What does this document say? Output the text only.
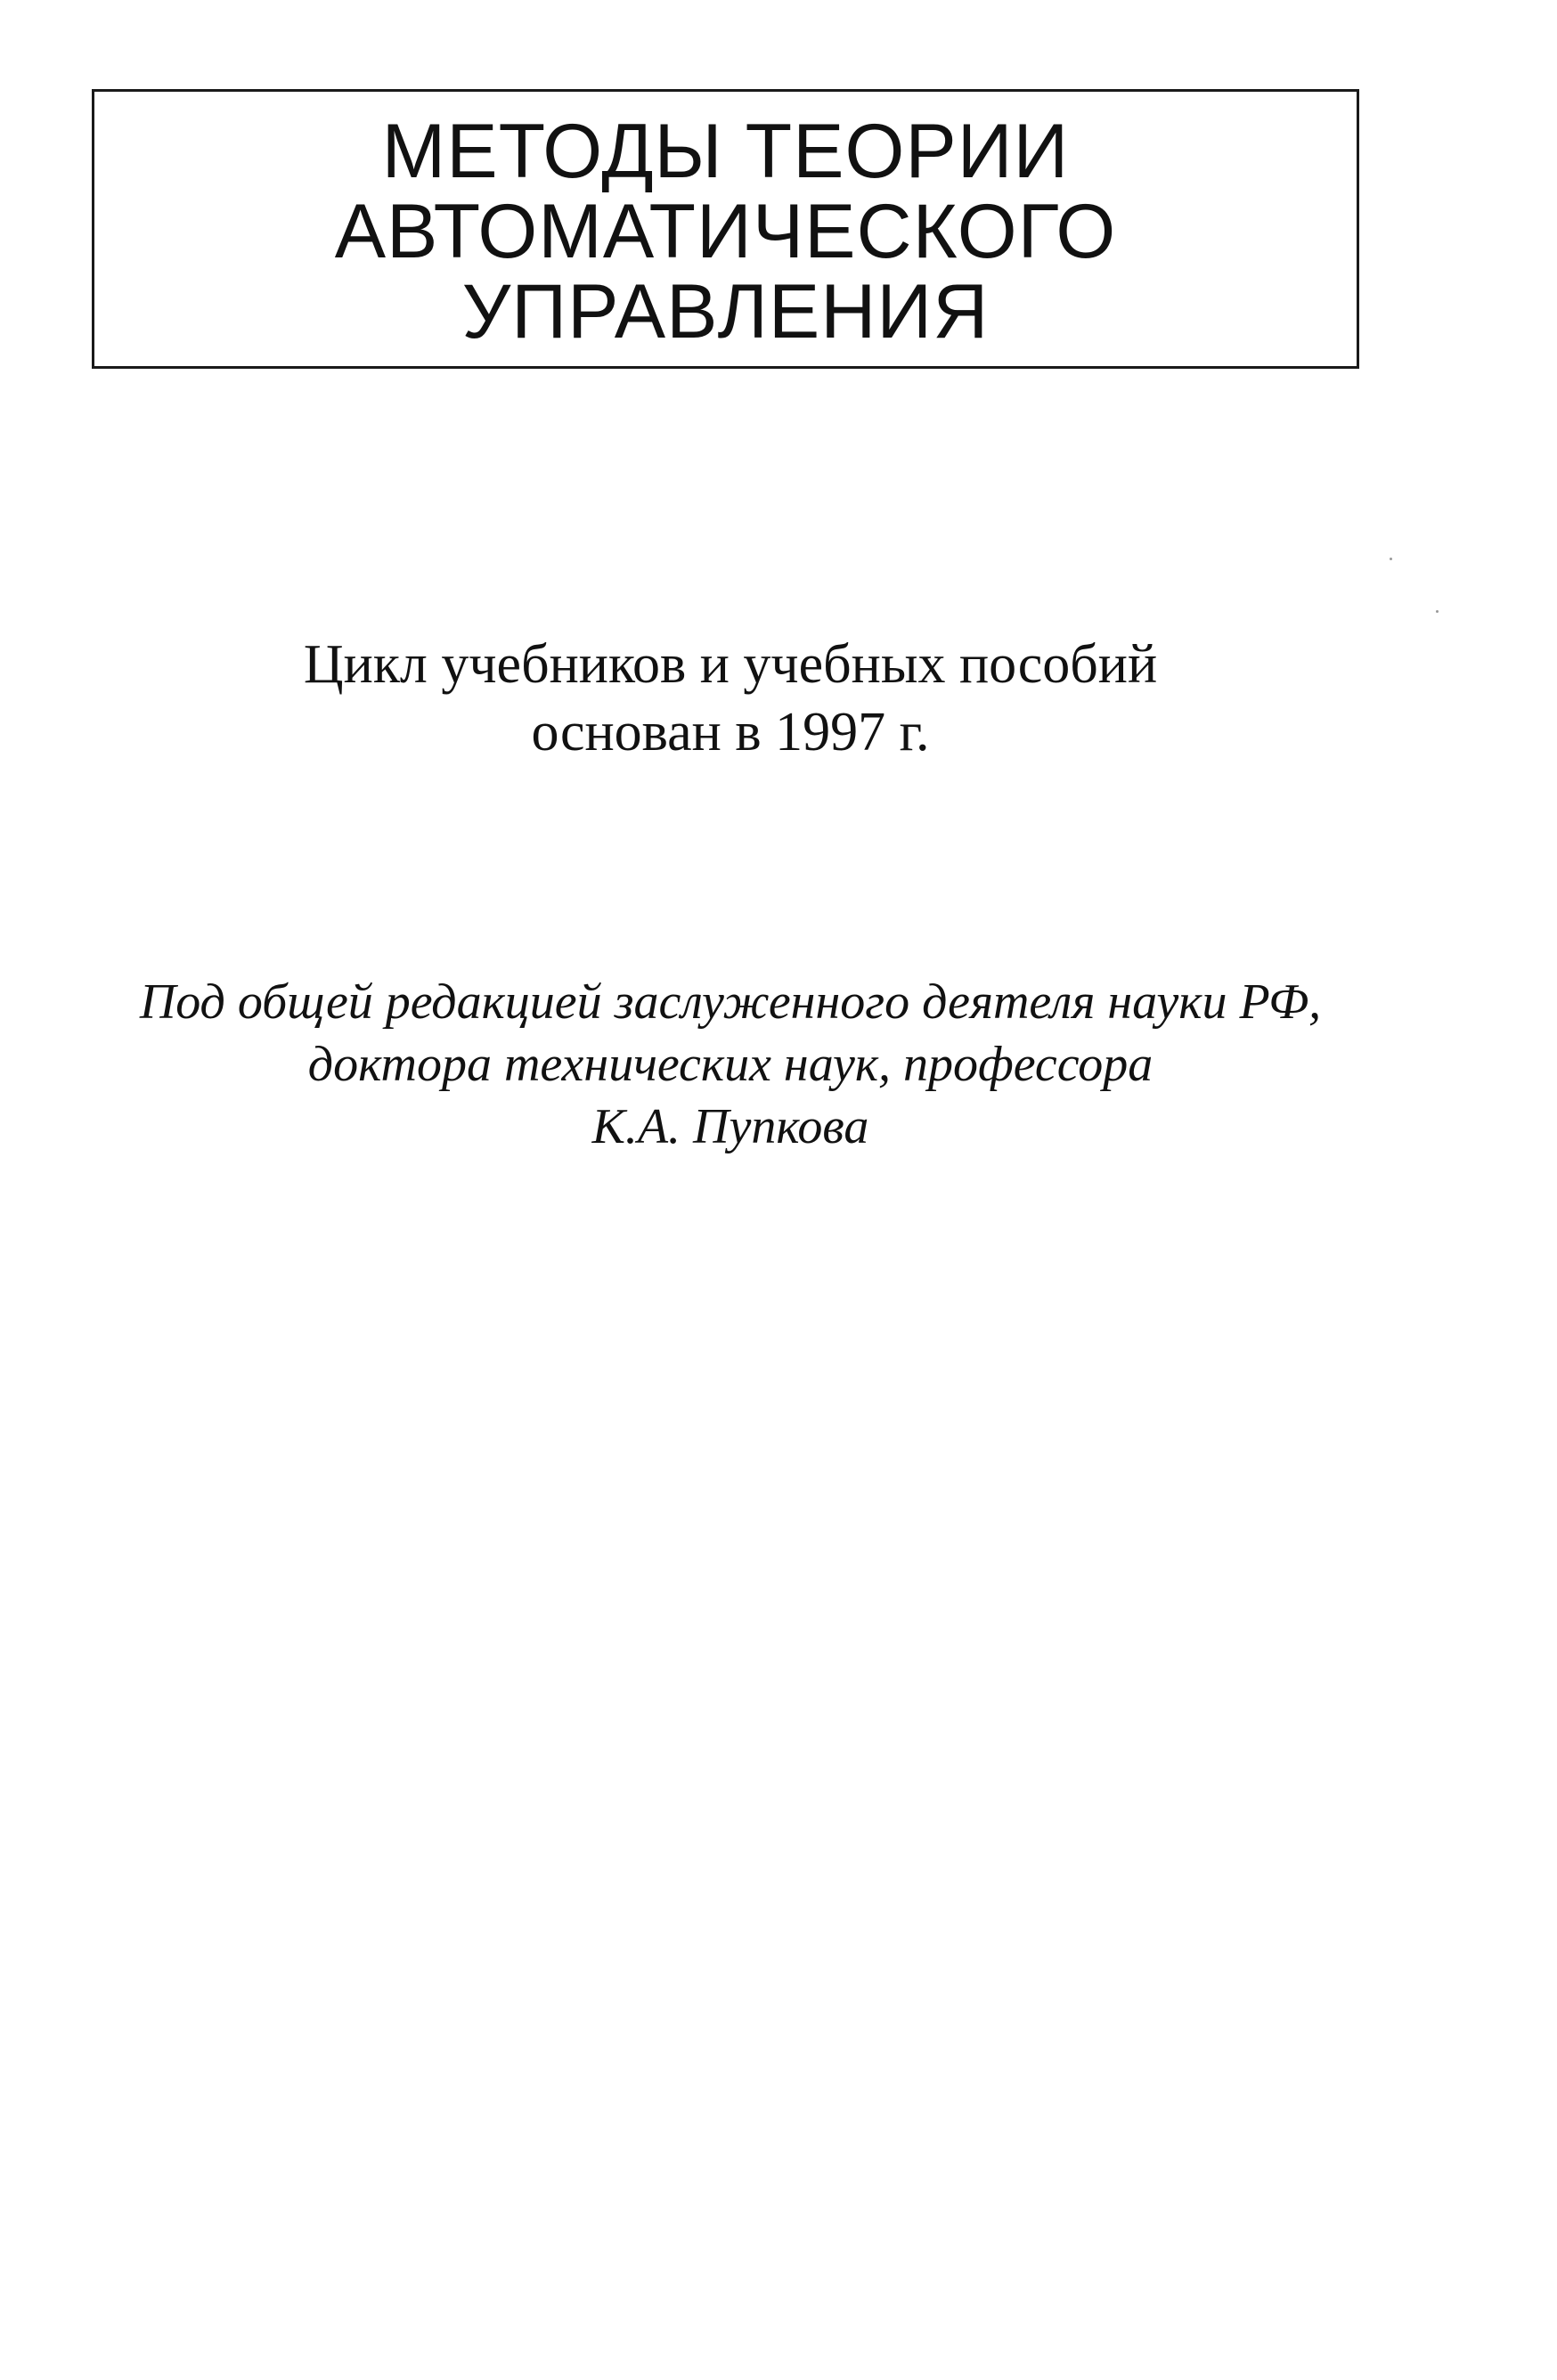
МЕТОДЫ ТЕОРИИ
АВТОМАТИЧЕСКОГО
УПРАВЛЕНИЯ
Цикл учебников и учебных пособий
основан в 1997 г.
Под общей редакцией заслуженного деятеля науки РФ,
доктора технических наук, профессора
К.А. Пупкова
